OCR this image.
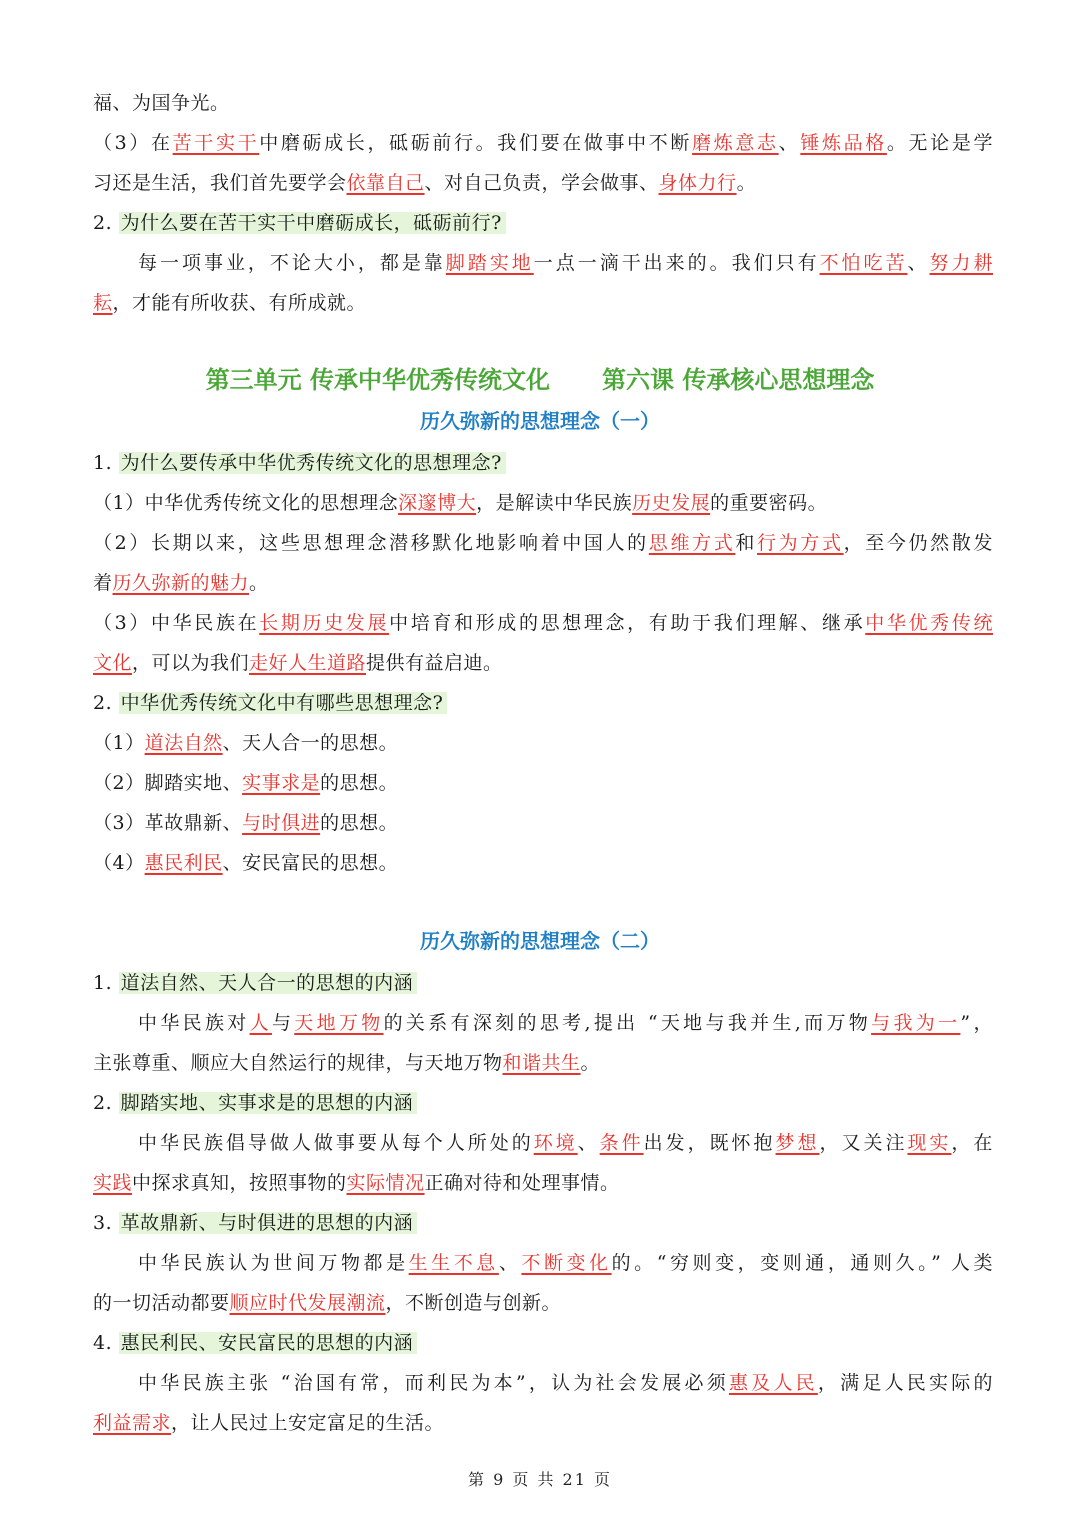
福、为国争光。
（3）在苦干实干中磨砺成长，砥砺前行。我们要在做事中不断磨炼意志、锤炼品格。无论是学
习还是生活，我们首先要学会依靠自己、对自己负责，学会做事、身体力行。
2. 为什么要在苦干实干中磨砺成长，砥砺前行?
每一项事业，不论大小，都是靠脚踏实地一点一滴干出来的。我们只有不怕吃苦、努力耕
耘，才能有所收获、有所成就。
第三单元 传承中华优秀传统文化 第六课 传承核心思想理念
历久弥新的思想理念（一）
1. 为什么要传承中华优秀传统文化的思想理念?
（1）中华优秀传统文化的思想理念深邃博大，是解读中华民族历史发展的重要密码。
（2）长期以来，这些思想理念潜移默化地影响着中国人的思维方式和行为方式，至今仍然散发
着历久弥新的魅力。
（3）中华民族在长期历史发展中培育和形成的思想理念，有助于我们理解、继承中华优秀传统
文化，可以为我们走好人生道路提供有益启迪。
2. 中华优秀传统文化中有哪些思想理念?
（1）道法自然、天人合一的思想。
（2）脚踏实地、实事求是的思想。
（3）革故鼎新、与时俱进的思想。
（4）惠民利民、安民富民的思想。
历久弥新的思想理念（二）
1. 道法自然、天人合一的思想的内涵
中华民族对人与天地万物的关系有深刻的思考,提出 “天地与我并生,而万物与我为一”，
主张尊重、顺应大自然运行的规律，与天地万物和谐共生。
2. 脚踏实地、实事求是的思想的内涵
中华民族倡导做人做事要从每个人所处的环境、条件出发，既怀抱梦想，又关注现实，在
实践中探求真知，按照事物的实际情况正确对待和处理事情。
3. 革故鼎新、与时俱进的思想的内涵
中华民族认为世间万物都是生生不息、不断变化的。“穷则变，变则通，通则久。” 人类
的一切活动都要顺应时代发展潮流，不断创造与创新。
4. 惠民利民、安民富民的思想的内涵
中华民族主张 “治国有常，而利民为本”，认为社会发展必须惠及人民，满足人民实际的
利益需求，让人民过上安定富足的生活。
第 9 页 共 21 页
